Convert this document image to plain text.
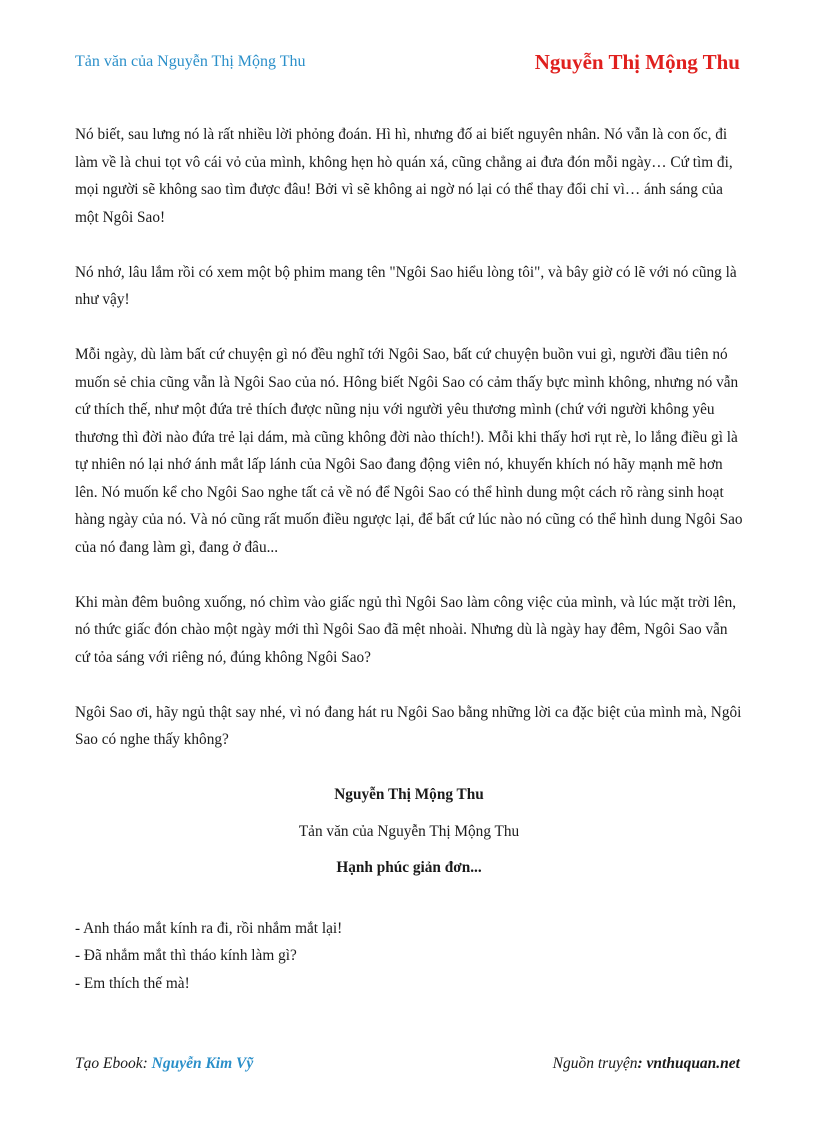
Tản văn của Nguyễn Thị Mộng Thu	Nguyễn Thị Mộng Thu

Nó biết, sau lưng nó là rất nhiều lời phỏng đoán. Hì hì, nhưng đố ai biết nguyên nhân. Nó vẫn là con ốc, đi làm về là chui tọt vô cái vỏ của mình, không hẹn hò quán xá, cũng chẳng ai đưa đón mỗi ngày… Cứ tìm đi, mọi người sẽ không sao tìm được đâu! Bởi vì sẽ không ai ngờ nó lại có thể thay đổi chỉ vì… ánh sáng của một Ngôi Sao!

Nó nhớ, lâu lắm rồi có xem một bộ phim mang tên "Ngôi Sao hiểu lòng tôi", và bây giờ có lẽ với nó cũng là như vậy!

Mỗi ngày, dù làm bất cứ chuyện gì nó đều nghĩ tới Ngôi Sao, bất cứ chuyện buồn vui gì, người đầu tiên nó muốn sẻ chia cũng vẫn là Ngôi Sao của nó. Hông biết Ngôi Sao có cảm thấy bực mình không, nhưng nó vẫn cứ thích thế, như một đứa trẻ thích được nũng nịu với người yêu thương mình (chứ với người không yêu thương thì đời nào đứa trẻ lại dám, mà cũng không đời nào thích!). Mỗi khi thấy hơi rụt rè, lo lắng điều gì là tự nhiên nó lại nhớ ánh mắt lấp lánh của Ngôi Sao đang động viên nó, khuyến khích nó hãy mạnh mẽ hơn lên. Nó muốn kể cho Ngôi Sao nghe tất cả về nó để Ngôi Sao có thể hình dung một cách rõ ràng sinh hoạt hàng ngày của nó. Và nó cũng rất muốn điều ngược lại, để bất cứ lúc nào nó cũng có thể hình dung Ngôi Sao của nó đang làm gì, đang ở đâu...

Khi màn đêm buông xuống, nó chìm vào giấc ngủ thì Ngôi Sao làm công việc của mình, và lúc mặt trời lên, nó thức giấc đón chào một ngày mới thì Ngôi Sao đã mệt nhoài. Nhưng dù là ngày hay đêm, Ngôi Sao vẫn cứ tỏa sáng với riêng nó, đúng không Ngôi Sao?

Ngôi Sao ơi, hãy ngủ thật say nhé, vì nó đang hát ru Ngôi Sao bằng những lời ca đặc biệt của mình mà, Ngôi Sao có nghe thấy không?

Nguyễn Thị Mộng Thu

Tản văn của Nguyễn Thị Mộng Thu

Hạnh phúc giản đơn...

- Anh tháo mắt kính ra đi, rồi nhắm mắt lại!

- Đã nhắm mắt thì tháo kính làm gì?

- Em thích thế mà!

Tạo Ebook: Nguyễn Kim Vỹ	Nguồn truyện: vnthuquan.net
